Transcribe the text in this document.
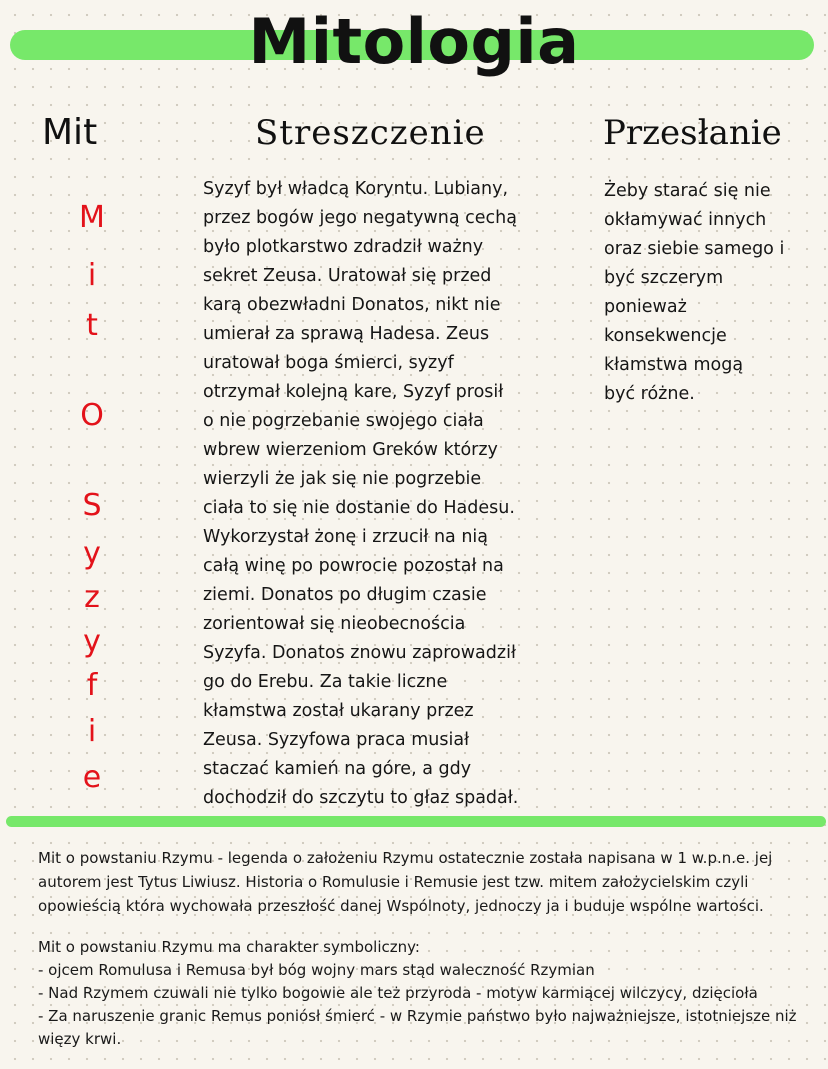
Mitologia
Mit	Streszczenie	Przesłanie
M
i
t
O
S
y
z
y
f
i
e
Syzyf był władcą Koryntu. Lubiany,
przez bogów jego negatywną cechą
było plotkarstwo zdradził ważny
sekret Zeusa. Uratował się przed
karą obezwładni Donatos, nikt nie
umierał za sprawą Hadesa. Zeus
uratował boga śmierci, syzyf
otrzymał kolejną kare, Syzyf prosił
o nie pogrzebanie swojego ciała
wbrew wierzeniom Greków którzy
wierzyli że jak się nie pogrzebie
ciała to się nie dostanie do Hadesu.
Wykorzystał żonę i zrzucił na nią
całą winę po powrocie pozostał na
ziemi. Donatos po długim czasie
zorientował się nieobecnościa
Syzyfa. Donatos znowu zaprowadził
go do Erebu. Za takie liczne
kłamstwa został ukarany przez
Zeusa. Syzyfowa praca musiał
staczać kamień na góre, a gdy
dochodził do szczytu to głaz spadał.
Żeby starać się nie
okłamywać innych
oraz siebie samego i
być szczerym
ponieważ
konsekwencje
kłamstwa mogą
być różne.
Mit o powstaniu Rzymu - legenda o założeniu Rzymu ostatecznie została napisana w 1 w.p.n.e. jej
autorem jest Tytus Liwiusz. Historia o Romulusie i Remusie jest tzw. mitem założycielskim czyli
opowieścią która wychowała przeszłość danej Wspólnoty, jednoczy ja i buduje wspólne wartości.
Mit o powstaniu Rzymu ma charakter symboliczny:
- ojcem Romulusa i Remusa był bóg wojny mars stąd waleczność Rzymian
- Nad Rzymem czuwali nie tylko bogowie ale też przyroda - motyw karmiącej wilczycy, dzięcioła
- Za naruszenie granic Remus poniósł śmierć - w Rzymie państwo było najważniejsze, istotniejsze niż
więzy krwi.
